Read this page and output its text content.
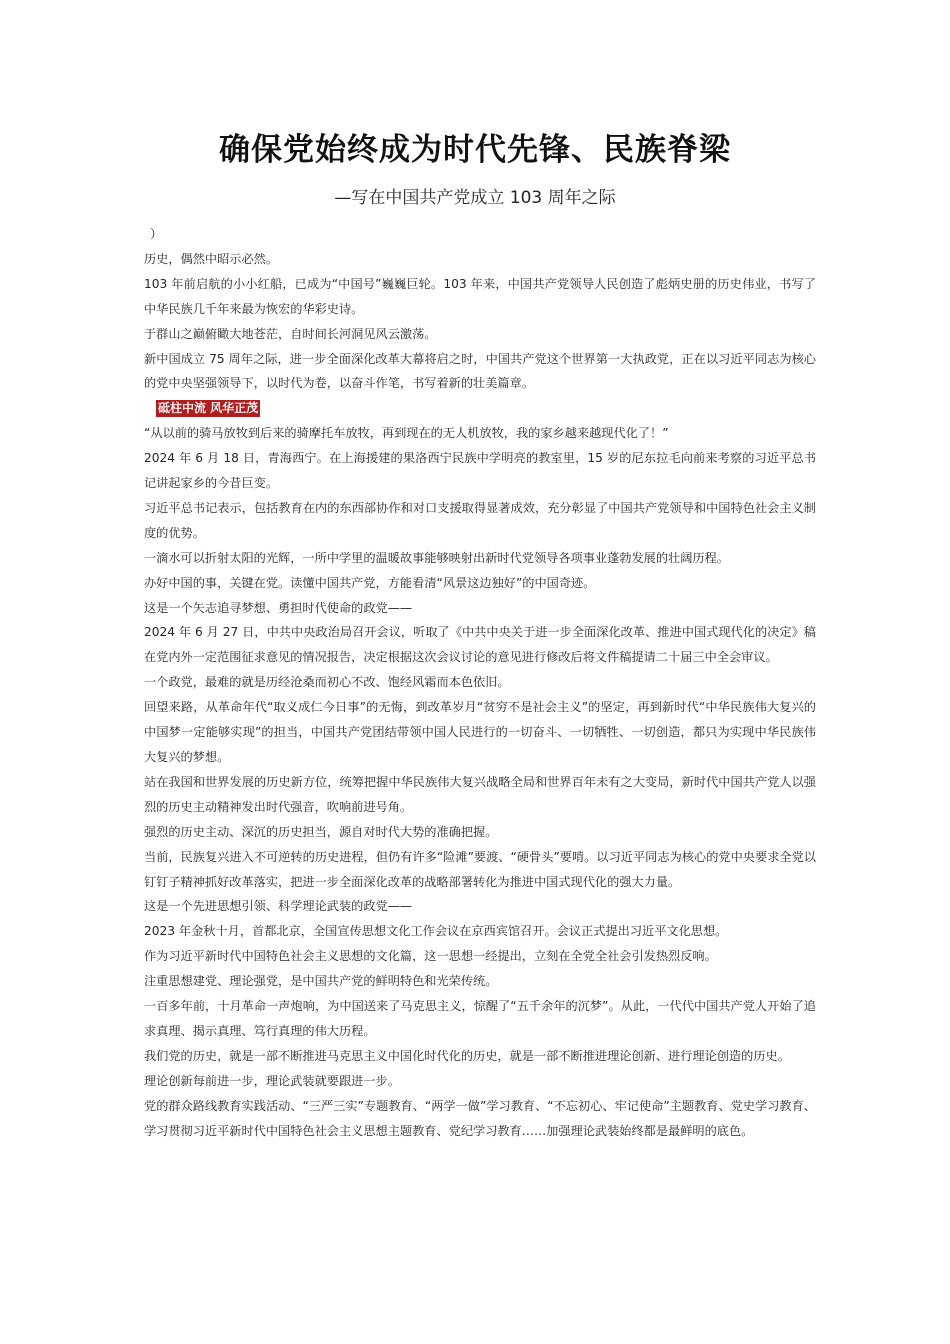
确保党始终成为时代先锋、民族脊梁
—写在中国共产党成立 103 周年之际

）

历史，偶然中昭示必然。

103 年前启航的小小红船，已成为“中国号”巍巍巨轮。103 年来，中国共产党领导人民创造了彪炳史册的历史伟业，书写了中华民族几千年来最为恢宏的华彩史诗。

于群山之巅俯瞰大地苍茫，自时间长河洞见风云激荡。

新中国成立 75 周年之际，进一步全面深化改革大幕将启之时，中国共产党这个世界第一大执政党，正在以习近平同志为核心的党中央坚强领导下，以时代为卷，以奋斗作笔，书写着新的壮美篇章。

砥柱中流 风华正茂

“从以前的骑马放牧到后来的骑摩托车放牧，再到现在的无人机放牧，我的家乡越来越现代化了！”

2024 年 6 月 18 日，青海西宁。在上海援建的果洛西宁民族中学明亮的教室里，15 岁的尼东拉毛向前来考察的习近平总书记讲起家乡的今昔巨变。

习近平总书记表示，包括教育在内的东西部协作和对口支援取得显著成效，充分彰显了中国共产党领导和中国特色社会主义制度的优势。

一滴水可以折射太阳的光辉，一所中学里的温暖故事能够映射出新时代党领导各项事业蓬勃发展的壮阔历程。

办好中国的事，关键在党。读懂中国共产党，方能看清“风景这边独好”的中国奇迹。

这是一个矢志追寻梦想、勇担时代使命的政党——

2024 年 6 月 27 日，中共中央政治局召开会议，听取了《中共中央关于进一步全面深化改革、推进中国式现代化的决定》稿在党内外一定范围征求意见的情况报告，决定根据这次会议讨论的意见进行修改后将文件稿提请二十届三中全会审议。

一个政党，最难的就是历经沧桑而初心不改、饱经风霜而本色依旧。

回望来路，从革命年代“取义成仁今日事”的无悔，到改革岁月“贫穷不是社会主义”的坚定，再到新时代“中华民族伟大复兴的中国梦一定能够实现”的担当，中国共产党团结带领中国人民进行的一切奋斗、一切牺牲、一切创造，都只为实现中华民族伟大复兴的梦想。

站在我国和世界发展的历史新方位，统筹把握中华民族伟大复兴战略全局和世界百年未有之大变局，新时代中国共产党人以强烈的历史主动精神发出时代强音，吹响前进号角。

强烈的历史主动、深沉的历史担当，源自对时代大势的准确把握。

当前，民族复兴进入不可逆转的历史进程，但仍有许多“险滩”要渡、“硬骨头”要啃。以习近平同志为核心的党中央要求全党以钉钉子精神抓好改革落实，把进一步全面深化改革的战略部署转化为推进中国式现代化的强大力量。

这是一个先进思想引领、科学理论武装的政党——

2023 年金秋十月，首都北京，全国宣传思想文化工作会议在京西宾馆召开。会议正式提出习近平文化思想。

作为习近平新时代中国特色社会主义思想的文化篇，这一思想一经提出，立刻在全党全社会引发热烈反响。

注重思想建党、理论强党，是中国共产党的鲜明特色和光荣传统。

一百多年前，十月革命一声炮响，为中国送来了马克思主义，惊醒了“五千余年的沉梦”。从此，一代代中国共产党人开始了追求真理、揭示真理、笃行真理的伟大历程。

我们党的历史，就是一部不断推进马克思主义中国化时代化的历史，就是一部不断推进理论创新、进行理论创造的历史。

理论创新每前进一步，理论武装就要跟进一步。

党的群众路线教育实践活动、“三严三实”专题教育、“两学一做”学习教育、“不忘初心、牢记使命”主题教育、党史学习教育、学习贯彻习近平新时代中国特色社会主义思想主题教育、党纪学习教育……加强理论武装始终都是最鲜明的底色。
